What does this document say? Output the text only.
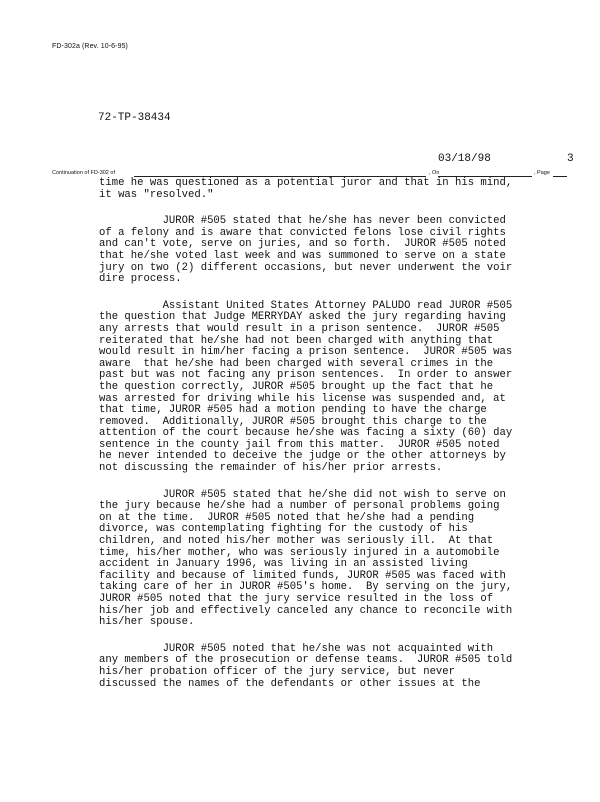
FD-302a (Rev. 10-6-95)
72-TP-38434
03/18/98	3
Continuation of FD-302 of	, On	, Page
time he was questioned as a potential juror and that in his mind,
it was "resolved."
JUROR #505 stated that he/she has never been convicted
of a felony and is aware that convicted felons lose civil rights
and can't vote, serve on juries, and so forth.  JUROR #505 noted
that he/she voted last week and was summoned to serve on a state
jury on two (2) different occasions, but never underwent the voir
dire process.
Assistant United States Attorney PALUDO read JUROR #505
the question that Judge MERRYDAY asked the jury regarding having
any arrests that would result in a prison sentence.  JUROR #505
reiterated that he/she had not been charged with anything that
would result in him/her facing a prison sentence.  JUROR #505 was
aware  that he/she had been charged with several crimes in the
past but was not facing any prison sentences.  In order to answer
the question correctly, JUROR #505 brought up the fact that he
was arrested for driving while his license was suspended and, at
that time, JUROR #505 had a motion pending to have the charge
removed.  Additionally, JUROR #505 brought this charge to the
attention of the court because he/she was facing a sixty (60) day
sentence in the county jail from this matter.  JUROR #505 noted
he never intended to deceive the judge or the other attorneys by
not discussing the remainder of his/her prior arrests.
JUROR #505 stated that he/she did not wish to serve on
the jury because he/she had a number of personal problems going
on at the time.  JUROR #505 noted that he/she had a pending
divorce, was contemplating fighting for the custody of his
children, and noted his/her mother was seriously ill.  At that
time, his/her mother, who was seriously injured in a automobile
accident in January 1996, was living in an assisted living
facility and because of limited funds, JUROR #505 was faced with
taking care of her in JUROR #505's home.  By serving on the jury,
JUROR #505 noted that the jury service resulted in the loss of
his/her job and effectively canceled any chance to reconcile with
his/her spouse.
JUROR #505 noted that he/she was not acquainted with
any members of the prosecution or defense teams.  JUROR #505 told
his/her probation officer of the jury service, but never
discussed the names of the defendants or other issues at the
